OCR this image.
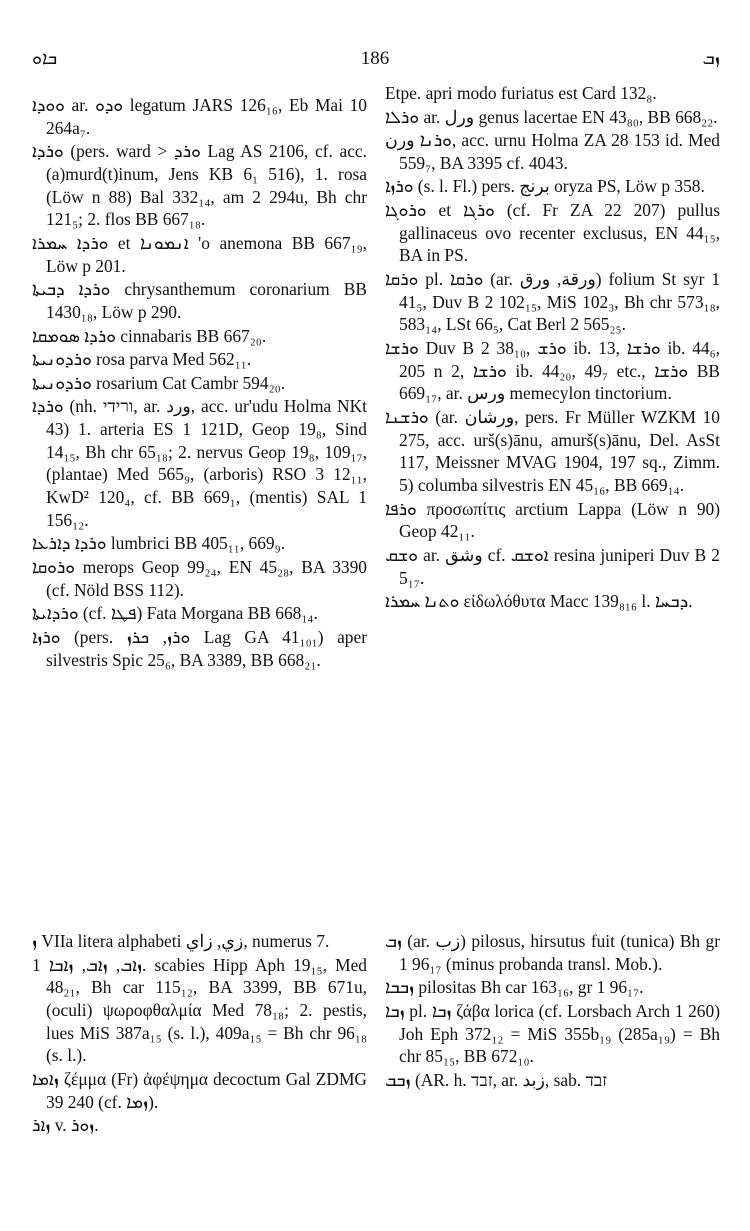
ܒܐܘ	186	ܙܒ

ܘܘܕܐ ar. ܘܕܘ legatum JARS 126₁₆, Eb Mai 10 264a₇.

ܘܪܕܐ (pers. ward > ܘܪܕ Lag AS 2106, cf. acc. (a)murd(t)inum, Jens KB 6₁ 516), 1. rosa (Löw n 88) Bal 332₁₄, am 2 294u, Bh chr 121₅; 2. flos BB 667₁₈.

ܘܪܕܐ ܚܡܪܐ et ܐܢܡܘܢܐ 'o anemona BB 667₁₉, Löw p 201.

ܘܪܕܐ ܕܒܝܬܐ chrysanthemum coronarium BB 1430₁₈, Löw p 290.

ܘܪܕܐ ܣܘܡܩܐ cinnabaris BB 667₂₀.

ܘܪܕܘܢܝܬܐ rosa parva Med 562₁₁.

ܘܪܕܘܢܝܬܐ rosarium Cat Cambr 594₂₀.

ܘܪܕܐ (nh. ורידי, ar. ورد, acc. ur'udu Holma NKt 43) 1. arteria ES 1 121D, Geop 19₈, Sind 14₁₅, Bh chr 65₁₈; 2. nervus Geop 19₈, 109₁₇, (plantae) Med 565₉, (arboris) RSO 3 12₁₁, KwD² 120₄, cf. BB 669₁, (mentis) SAL 1 156₁₂.

ܘܪܕܐ ܕܐܪܥܐ lumbrici BB 405₁₁, 669₉.

ܘܪܘܩܐ merops Geop 99₂₄, EN 45₂₈, BA 3390 (cf. Nöld BSS 112).

ܘܪܕܐܝܬܐ (cf. ܦܛܐ) Fata Morgana BB 668₁₄.

ܘܪܙܐ (pers. ܘܪܙ, ܟܪܙ Lag GA 41₁₀₁) aper silvestris Spic 25₆, BA 3389, BB 668₂₁.

Etpe. apri modo furiatus est Card 132₈.

ܘܪܠܐ ar. ورل genus lacertae EN 43₈₀, BB 668₂₂.

ܘܪܢܐ ورن, acc. urnu Holma ZA 28 153 id. Med 559₇, BA 3395 cf. 4043.

ܘܪܙܐ (s. l. Fl.) pers. برنج oryza PS, Löw p 358.

ܘܪܘܓܐ et ܘܪܓܐ (cf. Fr ZA 22 207) pullus gallinaceus ovo recenter exclusus, EN 44₁₅, BA in PS.

ܘܪܩܐ pl. ܘܪܩܐ (ar. ورقة, ورق) folium St syr 1 41₅, Duv B 2 102₁₅, MiS 102₃, Bh chr 573₁₈, 583₁₄, LSt 66₅, Cat Berl 2 565₂₅.

ܘܪܫܐ Duv B 2 38₁₀, ܘܪܫ ib. 13, ܘܪܫܐ ib. 44₆, 205 n 2, ܘܪܫܐ ib. 44₂₀, 49₇ etc., ܘܪܫܐ BB 669₁₇, ar. ورس memecylon tinctorium.

ܘܪܫܢܐ (ar. ورشان, pers. Fr Müller WZKM 10 275, acc. urš(s)ānu, amurš(s)ānu, Del. AsSt 117, Meissner MVAG 1904, 197 sq., Zimm. 5) columba silvestris EN 45₁₆, BB 669₁₄.

ܘܪܦܐ προσωπίτις arctium Lappa (Löw n 90) Geop 42₁₁.

ܘܫܩ ar. وشق cf. ܐܘܫܩ resina juniperi Duv B 2 5₁₇.

ܘܬܢܐ ܚܡܪܐ εἰδωλόθυτα Macc 139₈₁₆ l. ܕܒܚܐ.

ܙ VIIa litera alphabeti زي, زاي, numerus 7.

ܙܐܒ, ܙܐܒ, ܙܐܒܐ 1. scabies Hipp Aph 19₁₅, Med 48₂₁, Bh car 115₁₂, BA 3399, BB 671u, (oculi) ψωροφθαλμία Med 78₁₈; 2. pestis, lues MiS 387a₁₅ (s. l.), 409a₁₅ = Bh chr 96₁₈ (s. l.).

ܙܐܡܐ ζέμμα (Fr) ἀφέψημα decoctum Gal ZDMG 39 240 (cf. ܙܡܐ).

ܙܐܪ v. ܙܘܪ.

ܙܒ (ar. زب) pilosus, hirsutus fuit (tunica) Bh gr 1 96₁₇ (minus probanda transl. Mob.).

ܙܒܒܐ pilositas Bh car 163₁₆, gr 1 96₁₇.

ܙܒܐ pl. ܙܒܐ ζάβα lorica (cf. Lorsbach Arch 1 260) Joh Eph 372₁₂ = MiS 355b₁₉ (285a₁₉) = Bh chr 85₁₅, BB 672₁₀.

ܙܒܒ (AR. h. זבד, ar. زبد, sab. זבד
